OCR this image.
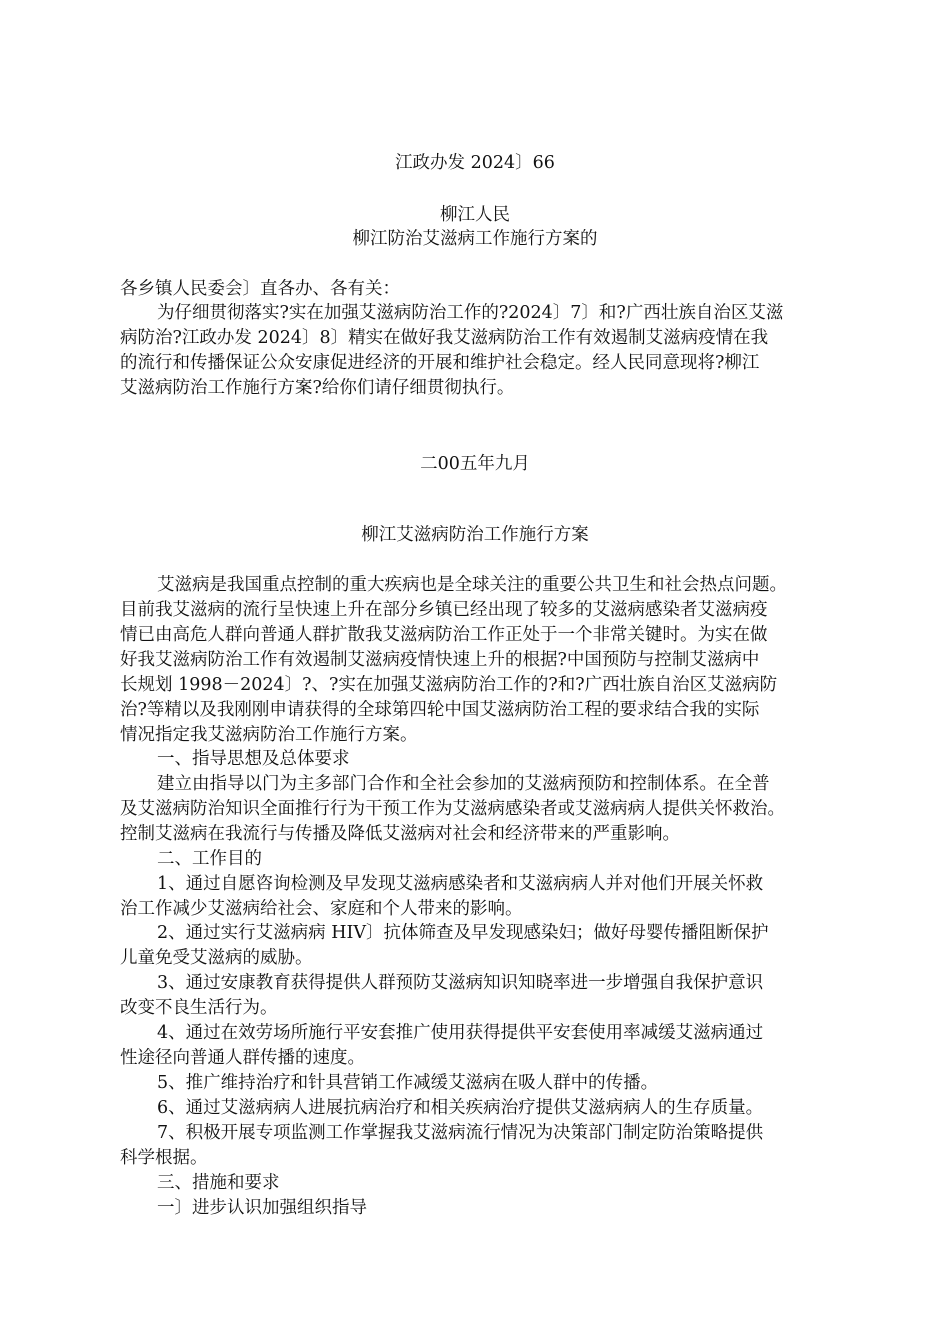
江政办发 2024〕66
柳江人民
柳江防治艾滋病工作施行方案的
各乡镇人民委会〕直各办、各有关：
为仔细贯彻落实?实在加强艾滋病防治工作的?2024〕7〕和?广西壮族自治区艾滋
病防治?江政办发 2024〕8〕精实在做好我艾滋病防治工作有效遏制艾滋病疫情在我
的流行和传播保证公众安康促进经济的开展和维护社会稳定。经人民同意现将?柳江
艾滋病防治工作施行方案?给你们请仔细贯彻执行。
二00五年九月
柳江艾滋病防治工作施行方案
艾滋病是我国重点控制的重大疾病也是全球关注的重要公共卫生和社会热点问题。
目前我艾滋病的流行呈快速上升在部分乡镇已经出现了较多的艾滋病感染者艾滋病疫
情已由高危人群向普通人群扩散我艾滋病防治工作正处于一个非常关键时。为实在做
好我艾滋病防治工作有效遏制艾滋病疫情快速上升的根据?中国预防与控制艾滋病中
长规划 1998－2024〕?、?实在加强艾滋病防治工作的?和?广西壮族自治区艾滋病防
治?等精以及我刚刚申请获得的全球第四轮中国艾滋病防治工程的要求结合我的实际
情况指定我艾滋病防治工作施行方案。
一、指导思想及总体要求
建立由指导以门为主多部门合作和全社会参加的艾滋病预防和控制体系。在全普
及艾滋病防治知识全面推行行为干预工作为艾滋病感染者或艾滋病病人提供关怀救治。
控制艾滋病在我流行与传播及降低艾滋病对社会和经济带来的严重影响。
二、工作目的
1、通过自愿咨询检测及早发现艾滋病感染者和艾滋病病人并对他们开展关怀救
治工作减少艾滋病给社会、家庭和个人带来的影响。
2、通过实行艾滋病病 HIV〕抗体筛查及早发现感染妇；做好母婴传播阻断保护
儿童免受艾滋病的威胁。
3、通过安康教育获得提供人群预防艾滋病知识知晓率进一步增强自我保护意识
改变不良生活行为。
4、通过在效劳场所施行平安套推广使用获得提供平安套使用率减缓艾滋病通过
性途径向普通人群传播的速度。
5、推广维持治疗和针具营销工作减缓艾滋病在吸人群中的传播。
6、通过艾滋病病人进展抗病治疗和相关疾病治疗提供艾滋病病人的生存质量。
7、积极开展专项监测工作掌握我艾滋病流行情况为决策部门制定防治策略提供
科学根据。
三、措施和要求
一〕进步认识加强组织指导
